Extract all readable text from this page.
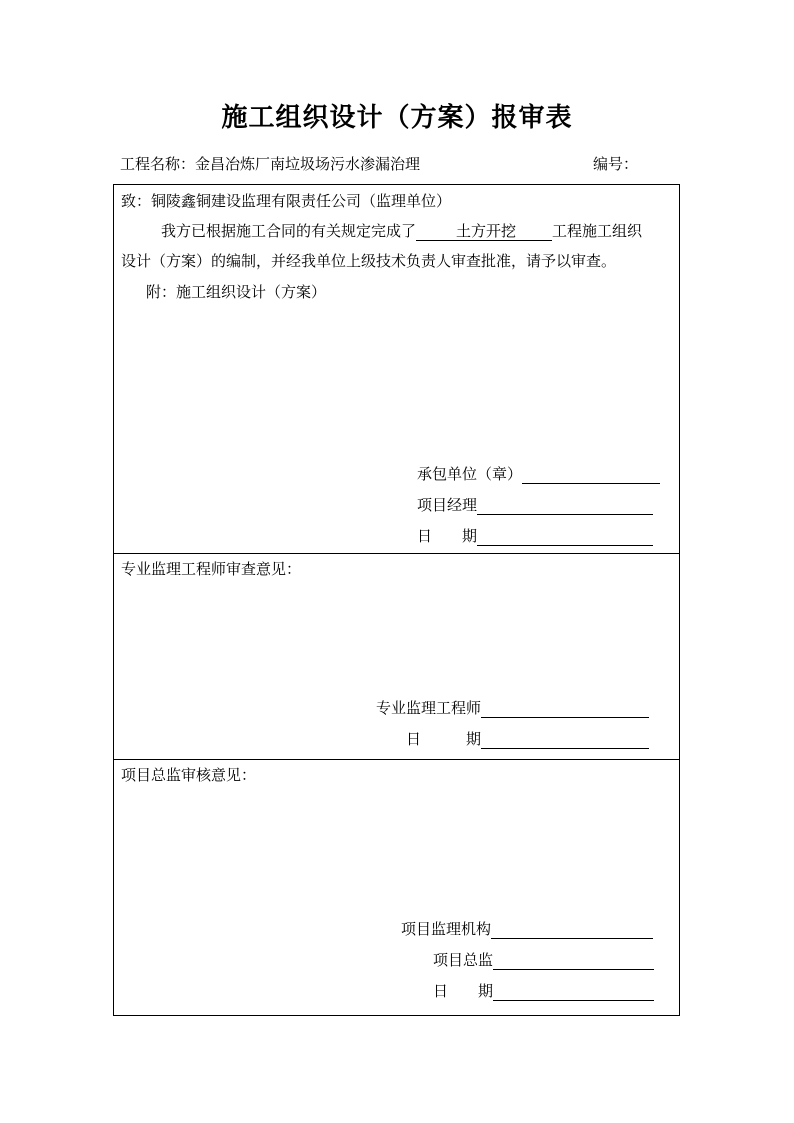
施工组织设计（方案）报审表
工程名称：金昌冶炼厂南垃圾场污水渗漏治理	编号：
致：铜陵鑫铜建设监理有限责任公司（监理单位）
我方已根据施工合同的有关规定完成了	土方开挖 工程施工组织
设计（方案）的编制，并经我单位上级技术负责人审查批准，请予以审查。
附：施工组织设计（方案）
承包单位（章）
项目经理
日　　期
专业监理工程师审查意见：
专业监理工程师
日　　　期
项目总监审核意见：
项目监理机构
项目总监
日　　期
